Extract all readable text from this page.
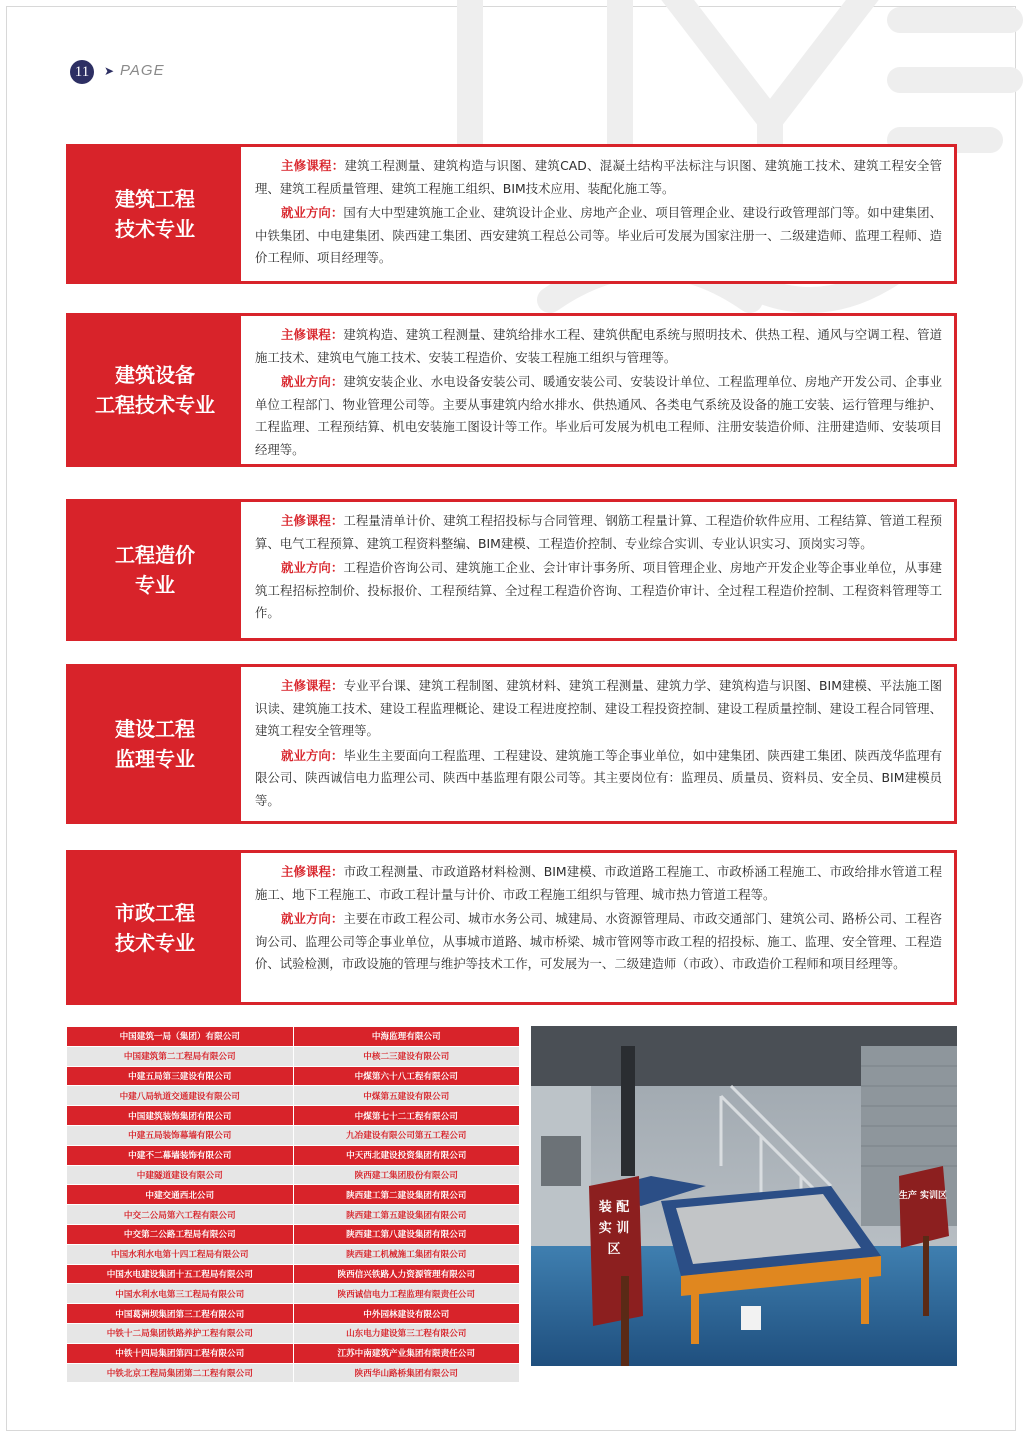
11	➤ PAGE
建筑工程
技术专业

主修课程：建筑工程测量、建筑构造与识图、建筑CAD、混凝土结构平法标注与识图、建筑施工技术、建筑工程安全管理、建筑工程质量管理、建筑工程施工组织、BIM技术应用、装配化施工等。

就业方向：国有大中型建筑施工企业、建筑设计企业、房地产企业、项目管理企业、建设行政管理部门等。如中建集团、中铁集团、中电建集团、陕西建工集团、西安建筑工程总公司等。毕业后可发展为国家注册一、二级建造师、监理工程师、造价工程师、项目经理等。

建筑设备
工程技术专业

主修课程：建筑构造、建筑工程测量、建筑给排水工程、建筑供配电系统与照明技术、供热工程、通风与空调工程、管道施工技术、建筑电气施工技术、安装工程造价、安装工程施工组织与管理等。

就业方向：建筑安装企业、水电设备安装公司、暖通安装公司、安装设计单位、工程监理单位、房地产开发公司、企事业单位工程部门、物业管理公司等。主要从事建筑内给水排水、供热通风、各类电气系统及设备的施工安装、运行管理与维护、工程监理、工程预结算、机电安装施工图设计等工作。毕业后可发展为机电工程师、注册安装造价师、注册建造师、安装项目经理等。

工程造价
专业

主修课程：工程量清单计价、建筑工程招投标与合同管理、钢筋工程量计算、工程造价软件应用、工程结算、管道工程预算、电气工程预算、建筑工程资料整编、BIM建模、工程造价控制、专业综合实训、专业认识实习、顶岗实习等。

就业方向：工程造价咨询公司、建筑施工企业、会计审计事务所、项目管理企业、房地产开发企业等企事业单位，从事建筑工程招标控制价、投标报价、工程预结算、全过程工程造价咨询、工程造价审计、全过程工程造价控制、工程资料管理等工作。

建设工程
监理专业

主修课程：专业平台课、建筑工程制图、建筑材料、建筑工程测量、建筑力学、建筑构造与识图、BIM建模、平法施工图识读、建筑施工技术、建设工程监理概论、建设工程进度控制、建设工程投资控制、建设工程质量控制、建设工程合同管理、建筑工程安全管理等。

就业方向：毕业生主要面向工程监理、工程建设、建筑施工等企事业单位，如中建集团、陕西建工集团、陕西茂华监理有限公司、陕西诚信电力监理公司、陕西中基监理有限公司等。其主要岗位有：监理员、质量员、资料员、安全员、BIM建模员等。

市政工程
技术专业

主修课程：市政工程测量、市政道路材料检测、BIM建模、市政道路工程施工、市政桥涵工程施工、市政给排水管道工程施工、地下工程施工、市政工程计量与计价、市政工程施工组织与管理、城市热力管道工程等。

就业方向：主要在市政工程公司、城市水务公司、城建局、水资源管理局、市政交通部门、建筑公司、路桥公司、工程咨询公司、监理公司等企事业单位，从事城市道路、城市桥梁、城市管网等市政工程的招投标、施工、监理、安全管理、工程造价、试验检测，市政设施的管理与维护等技术工作，可发展为一、二级建造师（市政）、市政造价工程师和项目经理等。

中国建筑一局（集团）有限公司	中海监理有限公司
中国建筑第二工程局有限公司	中核二三建设有限公司
中建五局第三建设有限公司	中煤第六十八工程有限公司
中建八局轨道交通建设有限公司	中煤第五建设有限公司
中国建筑装饰集团有限公司	中煤第七十二工程有限公司
中建五局装饰幕墙有限公司	九冶建设有限公司第五工程公司
中建不二幕墙装饰有限公司	中天西北建设投资集团有限公司
中建隧道建设有限公司	陕西建工集团股份有限公司
中建交通西北公司	陕西建工第二建设集团有限公司
中交二公局第六工程有限公司	陕西建工第五建设集团有限公司
中交第二公路工程局有限公司	陕西建工第八建设集团有限公司
中国水利水电第十四工程局有限公司	陕西建工机械施工集团有限公司
中国水电建设集团十五工程局有限公司	陕西信兴铁路人力资源管理有限公司
中国水利水电第三工程局有限公司	陕西诚信电力工程监理有限责任公司
中国葛洲坝集团第三工程有限公司	中外园林建设有限公司
中铁十二局集团铁路养护工程有限公司	山东电力建设第三工程有限公司
中铁十四局集团第四工程有限公司	江苏中南建筑产业集团有限责任公司
中铁北京工程局集团第二工程有限公司	陕西华山路桥集团有限公司
装 配
实 训
区
生产 实训区
